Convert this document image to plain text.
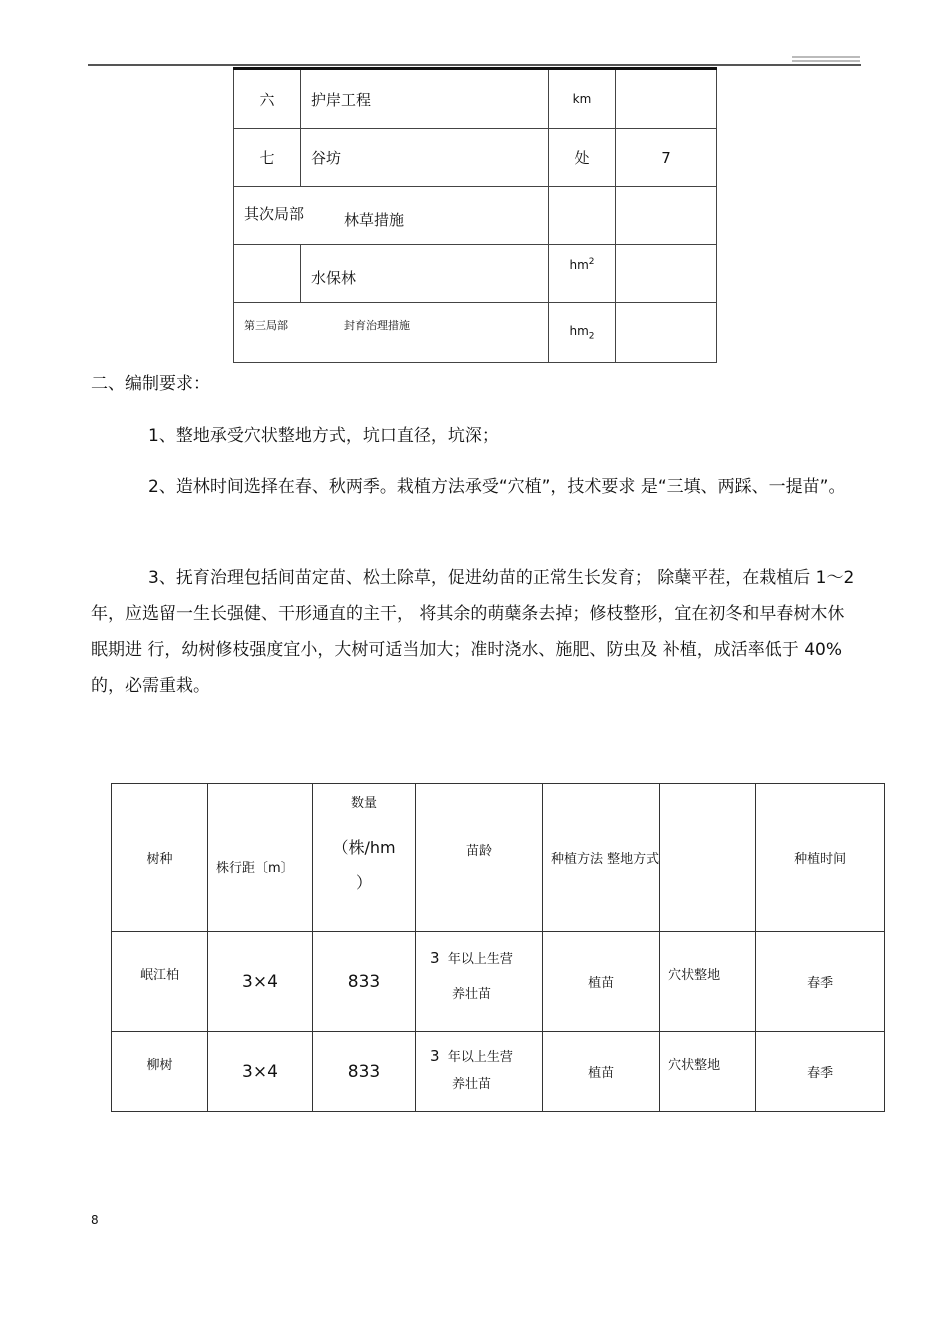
六	护岸工程	km	
七	谷坊	处	7

其次局部 林草措施			

	水保林	$hm^2$	

第三局部 封育治理措施		$hm_2$	
二、编制要求：
1、整地承受穴状整地方式，坑口直径，坑深；
2、造林时间选择在春、秋两季。栽植方法承受“穴植”，技术要求 是“三填、两踩、一提苗”。
3、抚育治理包括间苗定苗、松土除草，促进幼苗的正常生长发育； 除蘖平茬，在栽植后 1～2 年，应选留一生长强健、干形通直的主干， 将其余的萌蘖条去掉；修枝整形，宜在初冬和早春树木休眠期进 行，幼树修枝强度宜小，大树可适当加大；准时浇水、施肥、防虫及 补植，成活率低于 40%的，必需重栽。
树种	株行距〔m〕	数量
（株/hm
）	苗龄	种植方法 整地方式		种植时间
岷江柏	3×4	833	3 年以上生营
养壮苗	植苗	穴状整地	春季
柳树	3×4	833	3 年以上生营
养壮苗	植苗	穴状整地	春季
8
